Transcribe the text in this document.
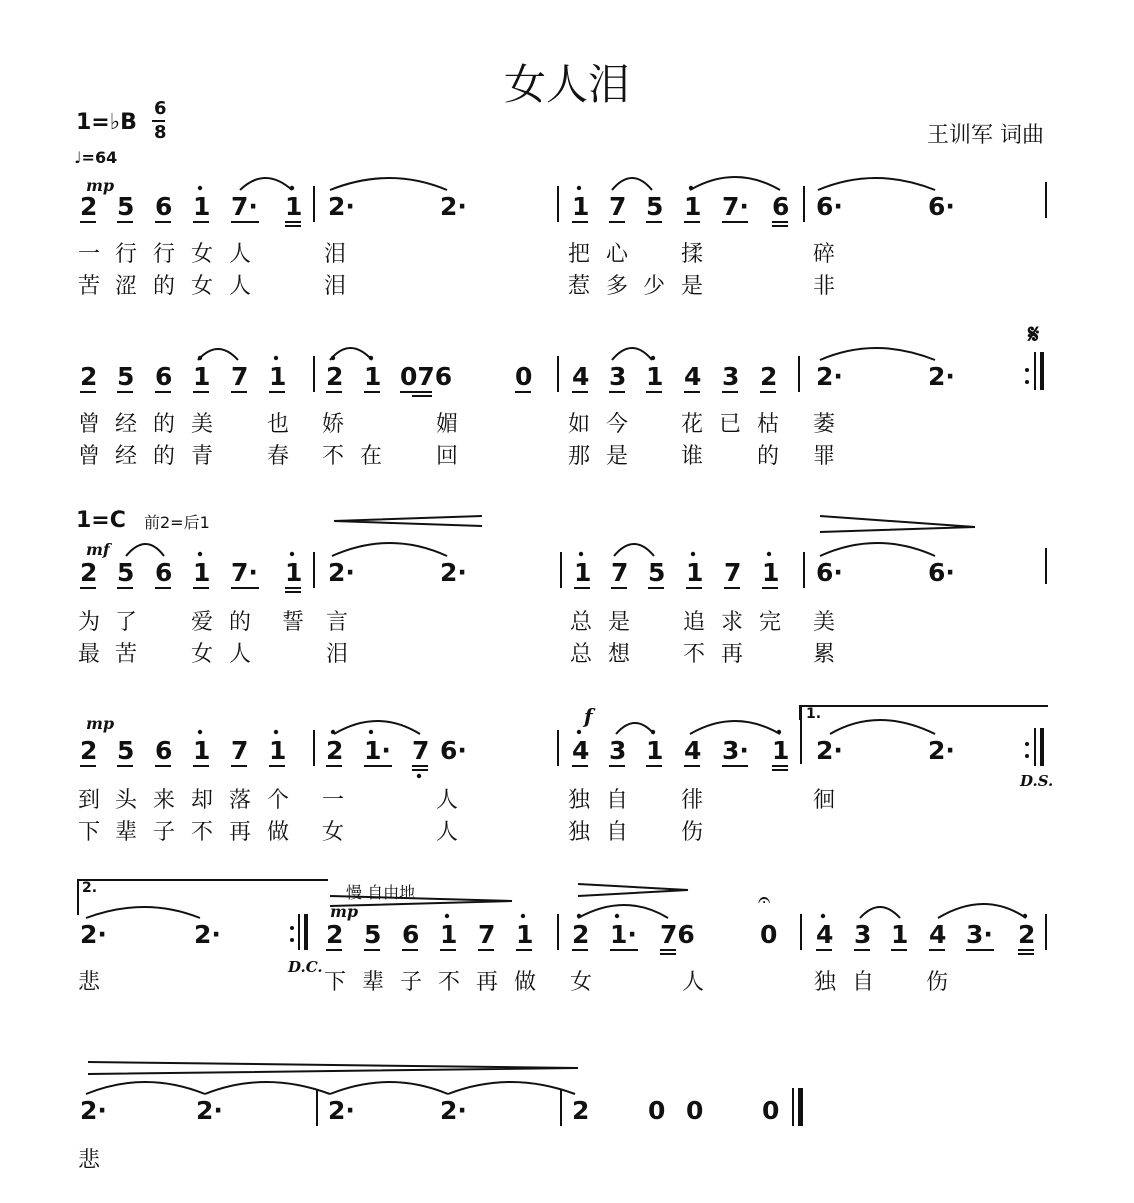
女人泪
王训军 词曲
1=♭B
6
8
♩=64
mp
2 5 6 1 7· 1 2·	2·	1 7 5 1 7· 6 6·	6·
一 行 行 女 人	泪	把 心 揉	碎
苦 涩 的 女 人	泪	惹 多 少 是	非
𝄋
2 5 6 1 7 1 2 1 076	0 4 3 1 4 3 2 2·	2·
曾 经 的 美 也 娇	媚	如 今 花 已 枯 萎
曾 经 的 青 春 不 在 回	那 是 谁 的 罪
1=C 前2=后1
mf
2 5 6 1 7· 1 2·	2·	1 7 5 1 7 1 6·	6·
为 了 爱 的 誓 言	总 是 追 求 完 美
最 苦 女 人	泪	总 想 不 再	累
mp	f	1.
2 5 6 1 7 1 2 1· 7 6·	4 3 1 4 3· 1 2·	2·
D.S.
到 头 来 却 落 个 一	人	独 自 徘	徊
下 辈 子 不 再 做 女	人	独 自 伤
2.	慢 自由地
mp	𝄐
2·	2·
D.C.
2 5 6 1 7 1 2 1· 76	0 4 3 1 4 3· 2
悲	下 辈 子 不 再 做 女	人	独 自 伤
2·	2·	2·	2·	2 0 0 0
悲
